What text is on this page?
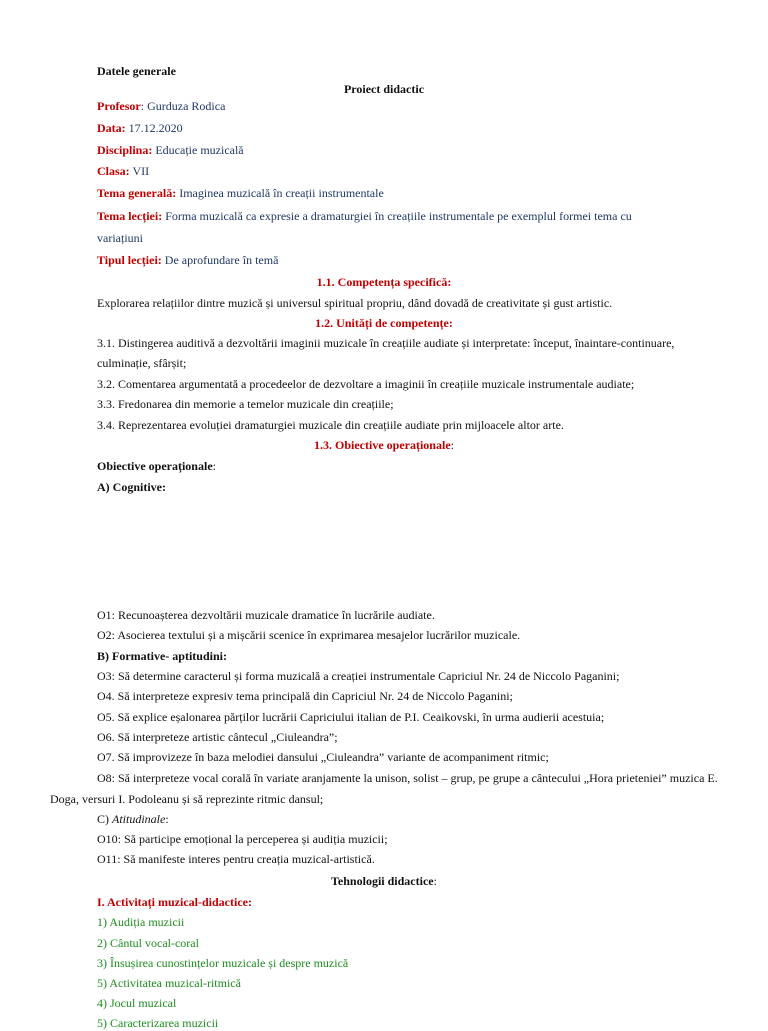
Datele generale
Proiect didactic
Profesor: Gurduza Rodica
Data: 17.12.2020
Disciplina: Educație muzicală
Clasa: VII
Tema generală: Imaginea muzicală în creații instrumentale
Tema lecției: Forma muzicală ca expresie a dramaturgiei în creațiile instrumentale pe exemplul formei tema cu
variațiuni
Tipul lecției: De aprofundare în temă
1.1. Competența specifică:
Explorarea relațiilor dintre muzică și universul spiritual propriu, dând dovadă de creativitate și gust artistic.
1.2. Unități de competențe:
3.1. Distingerea auditivă a dezvoltării imaginii muzicale în creațiile audiate și interpretate: început, înaintare-continuare,
culminație, sfârșit;
3.2. Comentarea argumentată a procedeelor de dezvoltare a imaginii în creațiile muzicale instrumentale audiate;
3.3. Fredonarea din memorie a temelor muzicale din creațiile;
3.4. Reprezentarea evoluției dramaturgiei muzicale din creațiile audiate prin mijloacele altor arte.
1.3. Obiective operaționale:
Obiective operaționale:
A) Cognitive:
O1: Recunoașterea dezvoltării muzicale dramatice în lucrările audiate.
O2: Asocierea textului și a mișcării scenice în exprimarea mesajelor lucrărilor muzicale.
B) Formative- aptitudini:
O3: Să determine caracterul și forma muzicală a creației instrumentale Capriciul Nr. 24 de Niccolo Paganini;
O4. Să interpreteze expresiv tema principală din Capriciul Nr. 24 de Niccolo Paganini;
O5. Să explice eșalonarea părților lucrării Capriciului italian de P.I. Ceaikovski, în urma audierii acestuia;
O6. Să interpreteze artistic cântecul „Ciuleandra”;
O7. Să improvizeze în baza melodiei dansului „Ciuleandra” variante de acompaniment ritmic;
O8: Să interpreteze vocal corală în variate aranjamente la unison, solist – grup, pe grupe a cântecului „Hora prieteniei” muzica E.
Doga, versuri I. Podoleanu și să reprezinte ritmic dansul;
C) Atitudinale:
O10: Să participe emoțional la perceperea și audiția muzicii;
O11: Să manifeste interes pentru creația muzical-artistică.
Tehnologii didactice:
I. Activitați muzical-didactice:
1) Audiția muzicii
2) Cântul vocal-coral
3) Însușirea cunostințelor muzicale și despre muzică
5) Activitatea muzical-ritmică
4) Jocul muzical
5) Caracterizarea muzicii
